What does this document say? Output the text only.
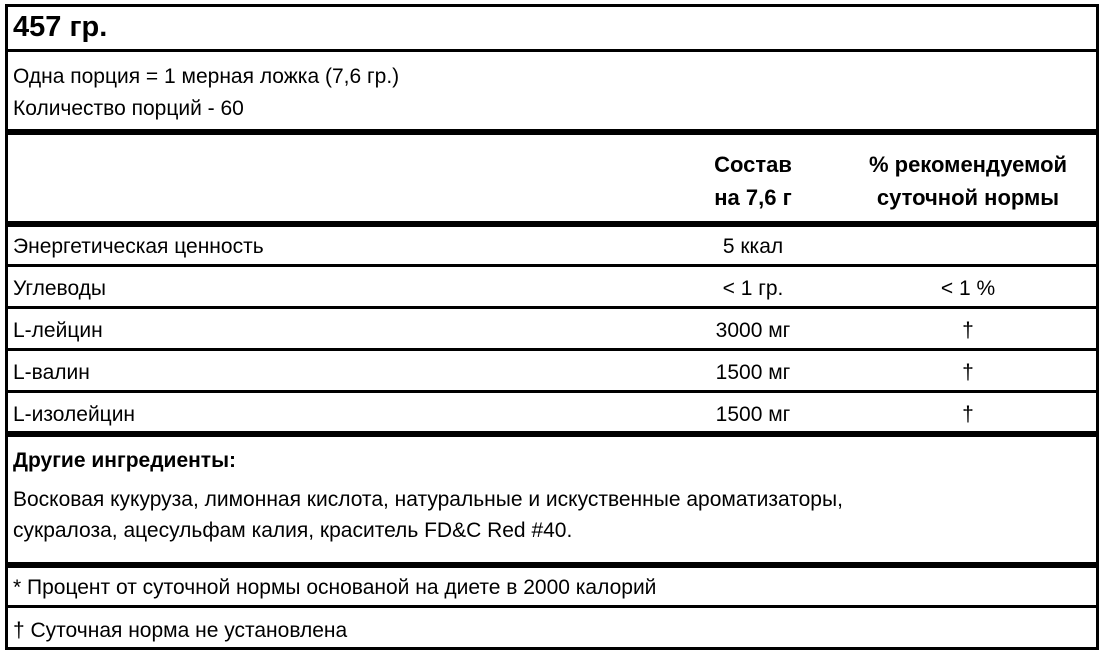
457 гр.
Одна порция = 1 мерная ложка (7,6 гр.)
Количество порций - 60
Состав
на 7,6 г
% рекомендуемой
суточной нормы
Энергетическая ценность	5 ккал
Углеводы	< 1 гр.	< 1 %
L-лейцин	3000 мг	†
L-валин	1500 мг	†
L-изолейцин	1500 мг	†
Другие ингредиенты:
Восковая кукуруза, лимонная кислота, натуральные и искуственные ароматизаторы,
сукралоза, ацесульфам калия, краситель FD&C Red #40.
* Процент от суточной нормы основаной на диете в 2000 калорий
† Суточная норма не установлена
